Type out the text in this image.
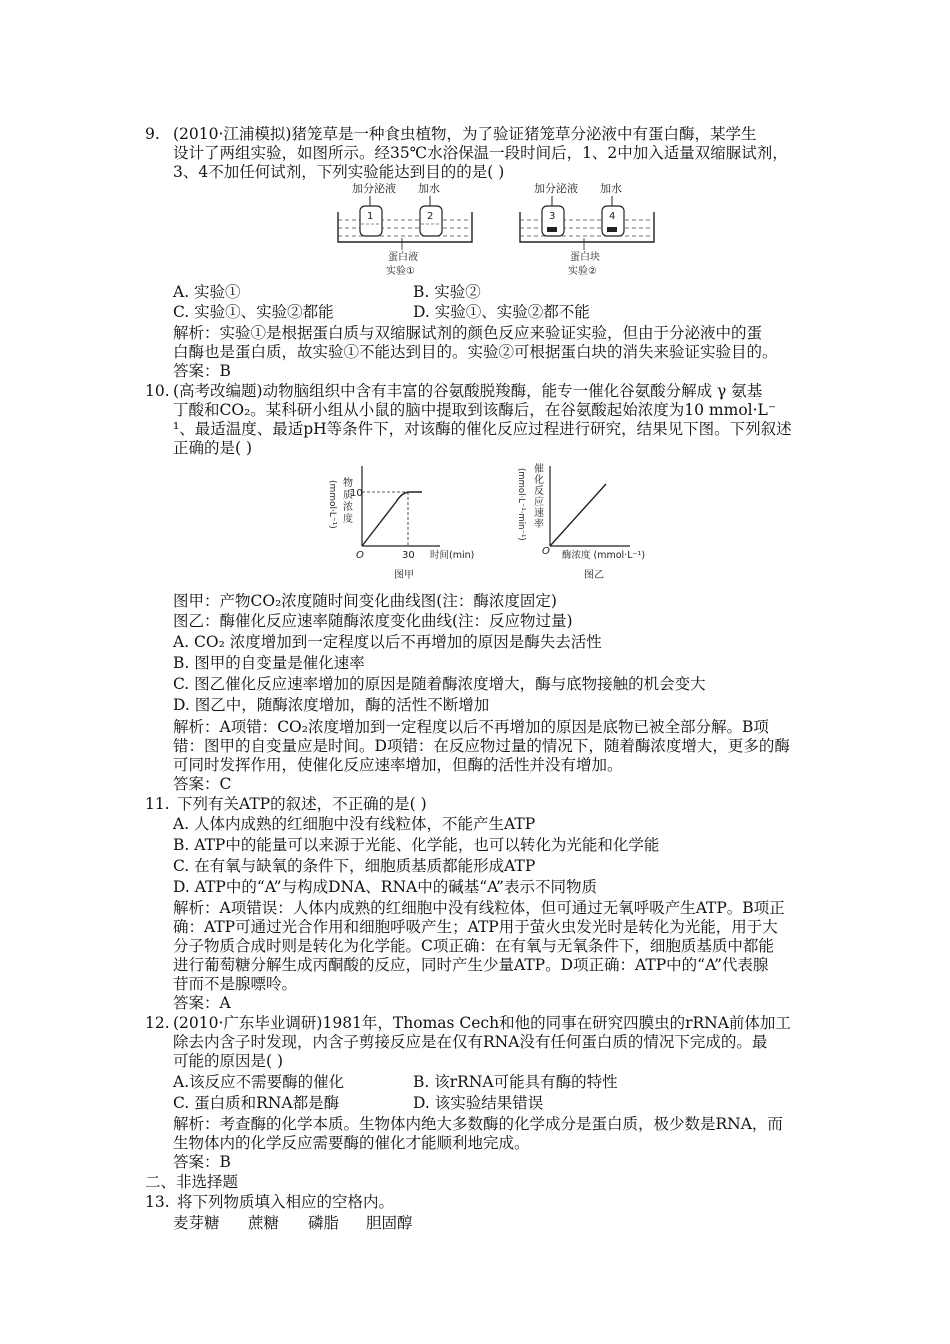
9. (2010·江浦模拟)猪笼草是一种食虫植物，为了验证猪笼草分泌液中有蛋白酶，某学生
设计了两组实验，如图所示。经35℃水浴保温一段时间后，1、2中加入适量双缩脲试剂，
3、4不加任何试剂，下列实验能达到目的的是( )
加分泌液 加水
1	2
蛋白液
实验①
加分泌液 加水
3	4
蛋白块
实验②
A. 实验①	B. 实验②
C. 实验①、实验②都能	D. 实验①、实验②都不能
解析：实验①是根据蛋白质与双缩脲试剂的颜色反应来验证实验，但由于分泌液中的蛋
白酶也是蛋白质，故实验①不能达到目的。实验②可根据蛋白块的消失来验证实验目的。
答案：B
10. (高考改编题)动物脑组织中含有丰富的谷氨酸脱羧酶，能专一催化谷氨酸分解成 γ 氨基
丁酸和CO₂。某科研小组从小鼠的脑中提取到该酶后，在谷氨酸起始浓度为10 mmol·L⁻
¹、最适温度、最适pH等条件下，对该酶的催化反应过程进行研究，结果见下图。下列叙述
正确的是( )
物
质
浓
度
(mmol·L⁻¹) 10
O	30 时间(min)
图甲
催
化
反
应
速
率
(mmol·L⁻¹·min⁻¹)
O 酶浓度 (mmol·L⁻¹)
图乙
图甲：产物CO₂浓度随时间变化曲线图(注：酶浓度固定)
图乙：酶催化反应速率随酶浓度变化曲线(注：反应物过量)
A. CO₂ 浓度增加到一定程度以后不再增加的原因是酶失去活性
B. 图甲的自变量是催化速率
C. 图乙催化反应速率增加的原因是随着酶浓度增大，酶与底物接触的机会变大
D. 图乙中，随酶浓度增加，酶的活性不断增加
解析：A项错：CO₂浓度增加到一定程度以后不再增加的原因是底物已被全部分解。B项
错：图甲的自变量应是时间。D项错：在反应物过量的情况下，随着酶浓度增大，更多的酶
可同时发挥作用，使催化反应速率增加，但酶的活性并没有增加。
答案：C
11. 下列有关ATP的叙述，不正确的是( )
A. 人体内成熟的红细胞中没有线粒体，不能产生ATP
B. ATP中的能量可以来源于光能、化学能，也可以转化为光能和化学能
C. 在有氧与缺氧的条件下，细胞质基质都能形成ATP
D. ATP中的“A”与构成DNA、RNA中的碱基“A”表示不同物质
解析：A项错误：人体内成熟的红细胞中没有线粒体，但可通过无氧呼吸产生ATP。B项正
确：ATP可通过光合作用和细胞呼吸产生；ATP用于萤火虫发光时是转化为光能，用于大
分子物质合成时则是转化为化学能。C项正确：在有氧与无氧条件下，细胞质基质中都能
进行葡萄糖分解生成丙酮酸的反应，同时产生少量ATP。D项正确：ATP中的“A”代表腺
苷而不是腺嘌呤。
答案：A
12. (2010·广东毕业调研)1981年，Thomas Cech和他的同事在研究四膜虫的rRNA前体加工
除去内含子时发现，内含子剪接反应是在仅有RNA没有任何蛋白质的情况下完成的。最
可能的原因是( )
A.该反应不需要酶的催化	B. 该rRNA可能具有酶的特性
C. 蛋白质和RNA都是酶	D. 该实验结果错误
解析：考查酶的化学本质。生物体内绝大多数酶的化学成分是蛋白质，极少数是RNA，而
生物体内的化学反应需要酶的催化才能顺利地完成。
答案：B
二、非选择题
13. 将下列物质填入相应的空格内。
麦芽糖 蔗糖 磷脂 胆固醇
